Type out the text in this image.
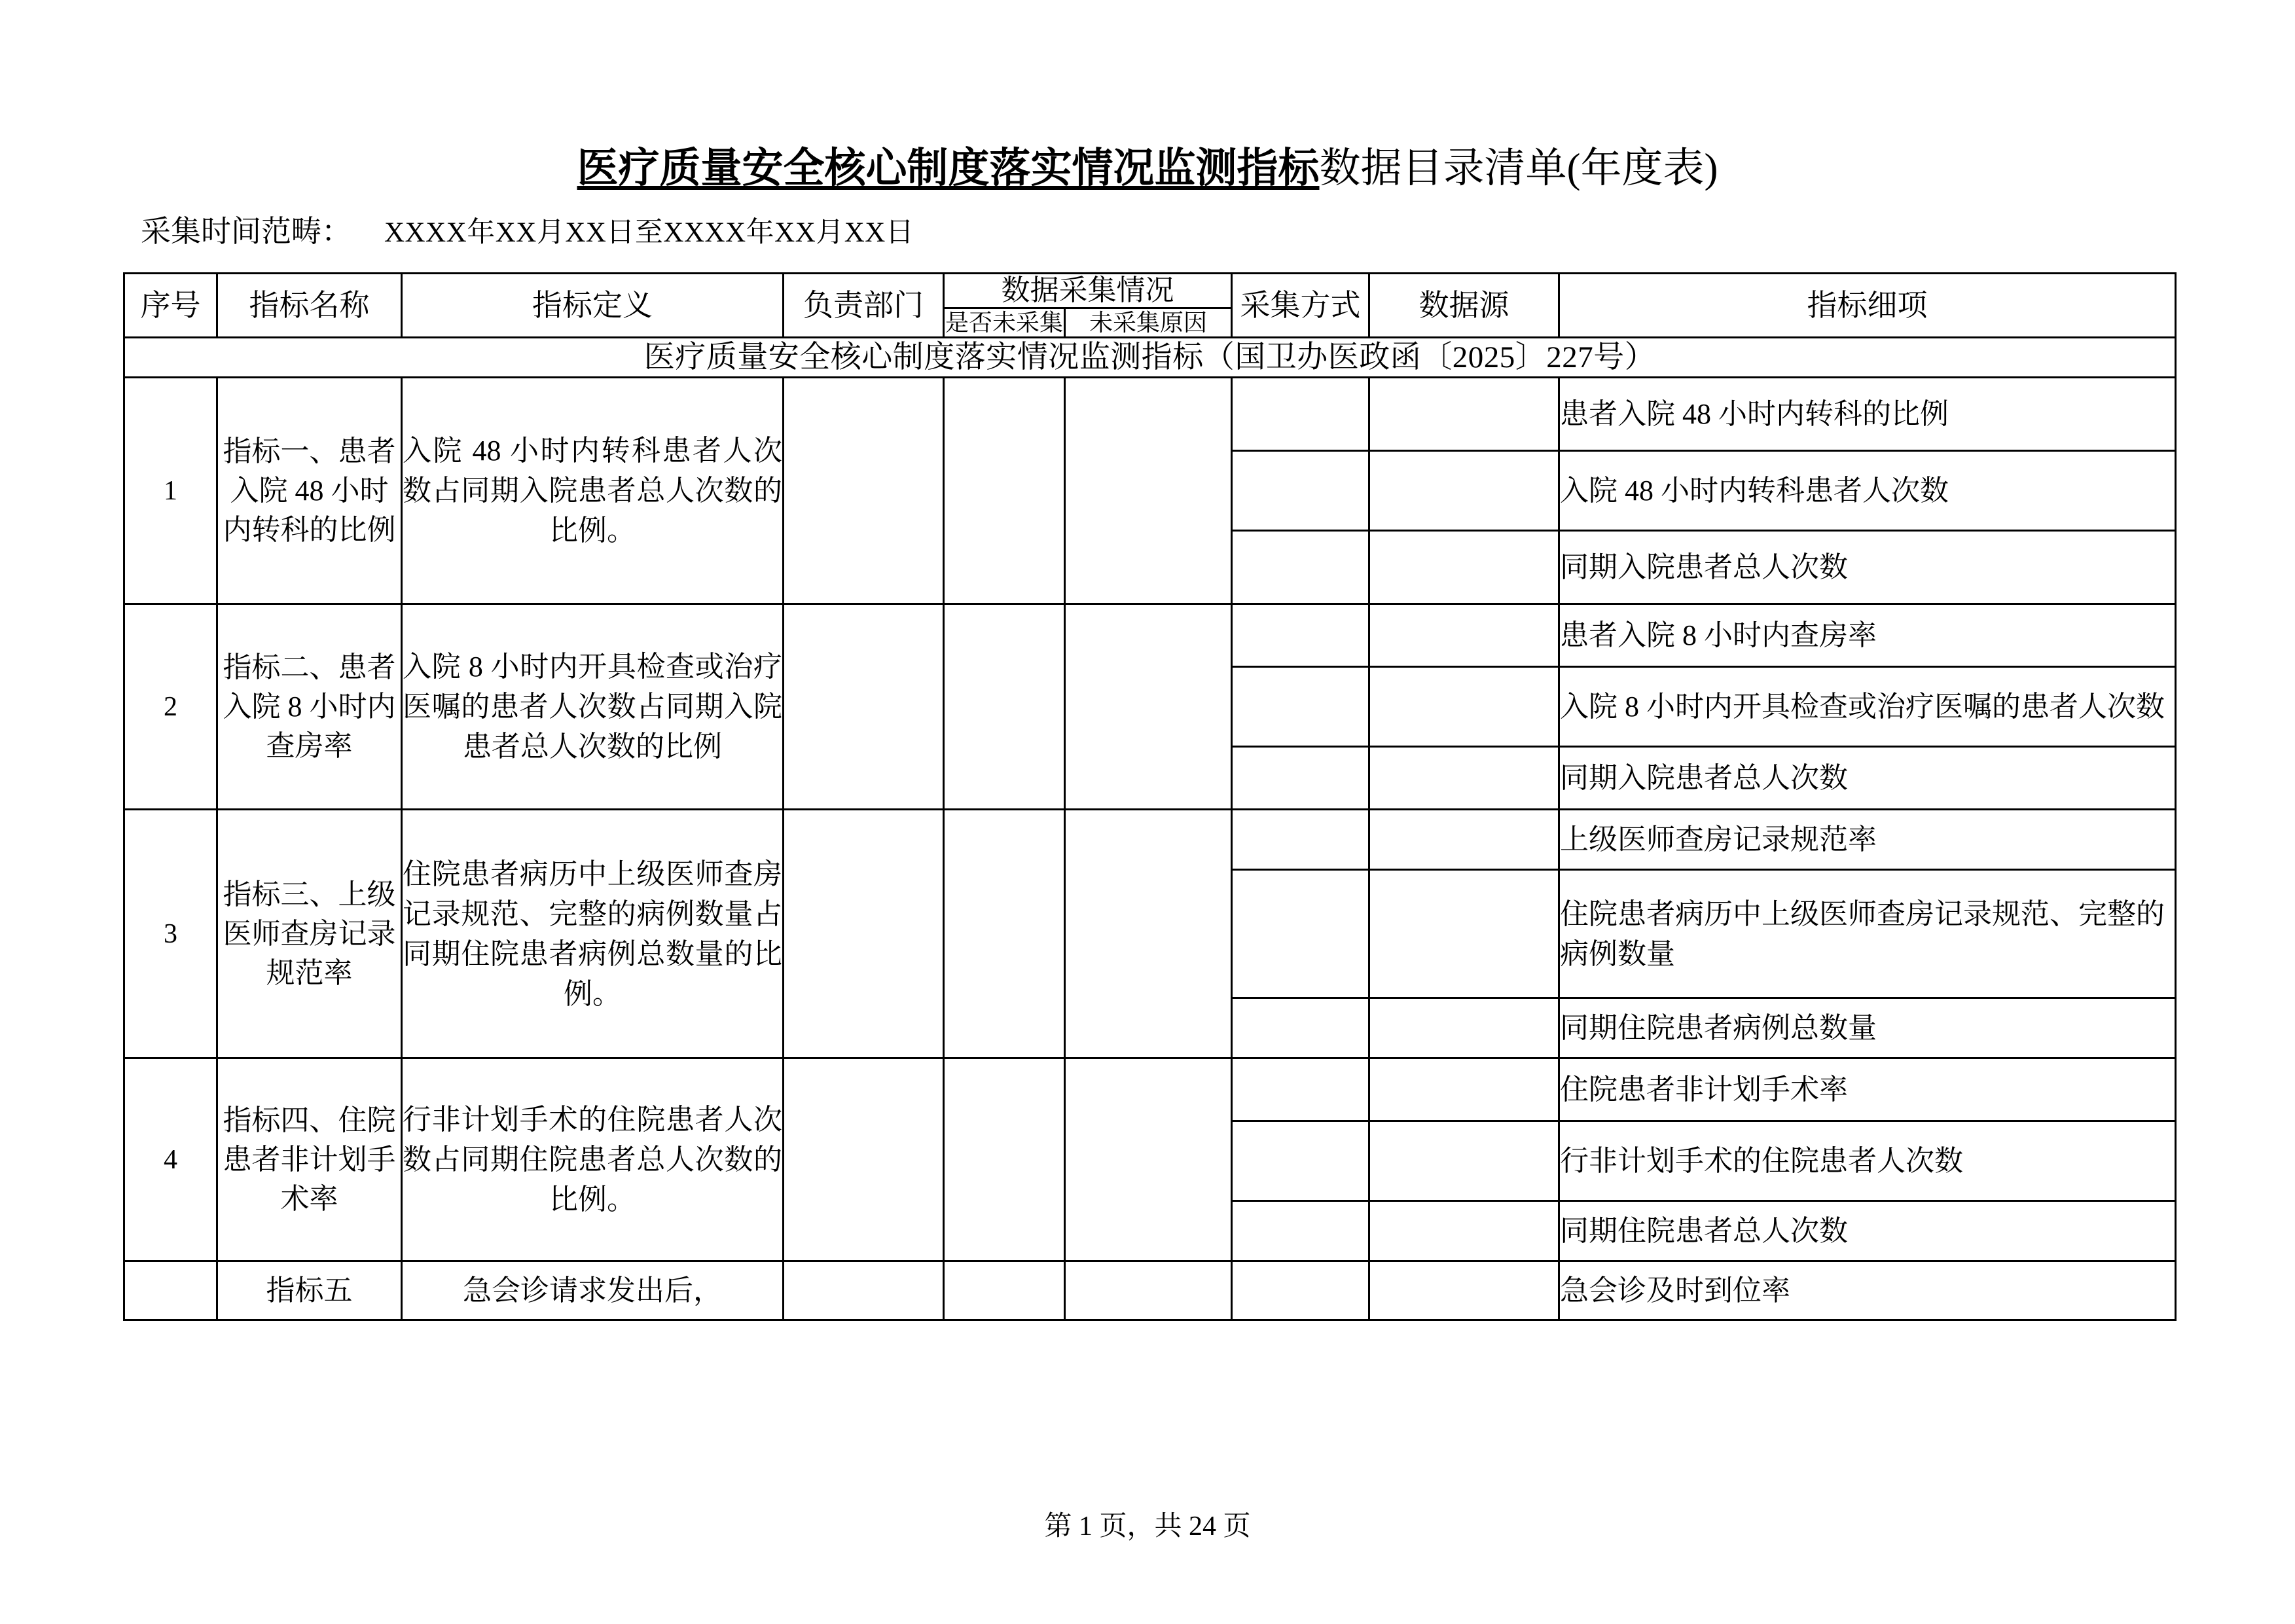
医疗质量安全核心制度落实情况监测指标数据目录清单(年度表)
采集时间范畴： XXXX年XX月XX日至XXXX年XX月XX日
序号	指标名称	指标定义	负责部门	数据采集情况		采集方式	数据源	指标细项
				是否未采集	未采集原因			
医疗质量安全核心制度落实情况监测指标（国卫办医政函〔2025〕227号）								
1	指标一、患者入院 48 小时内转科的比例	入院 48 小时内转科患者人次数占同期入院患者总人次数的比例。						患者入院 48 小时内转科的比例
								入院 48 小时内转科患者人次数
								同期入院患者总人次数
2	指标二、患者入院 8 小时内查房率	入院 8 小时内开具检查或治疗医嘱的患者人次数占同期入院患者总人次数的比例						患者入院 8 小时内查房率
								入院 8 小时内开具检查或治疗医嘱的患者人次数
								同期入院患者总人次数
3	指标三、上级医师查房记录规范率	住院患者病历中上级医师查房记录规范、完整的病例数量占同期住院患者病例总数量的比例。						上级医师查房记录规范率
								住院患者病历中上级医师查房记录规范、完整的病例数量
								同期住院患者病例总数量
4	指标四、住院患者非计划手术率	行非计划手术的住院患者人次数占同期住院患者总人次数的比例。						住院患者非计划手术率
								行非计划手术的住院患者人次数
								同期住院患者总人次数
	指标五	急会诊请求发出后，						急会诊及时到位率
第 1 页，共 24 页
